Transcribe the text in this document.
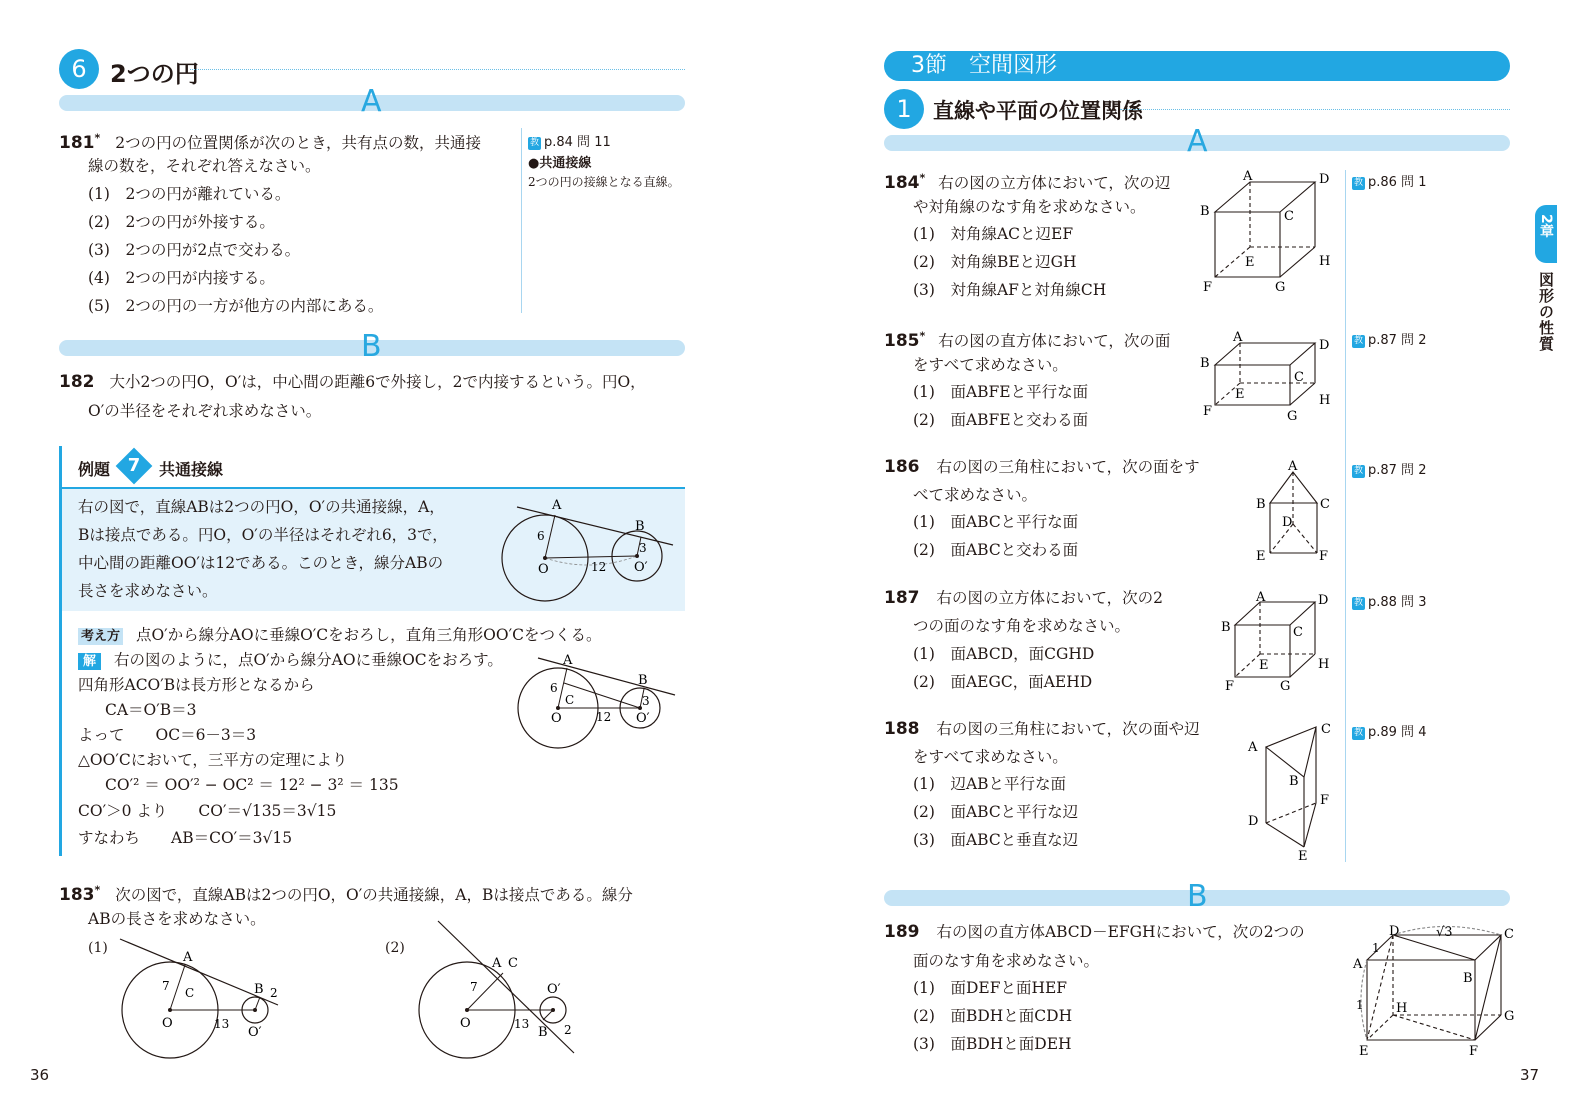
6 2つの円
A
181* 2つの円の位置関係が次のとき，共有点の数，共通接
線の数を，それぞれ答えなさい。
(1)　2つの円が離れている。
(2)　2つの円が外接する。
(3)　2つの円が2点で交わる。
(4)　2つの円が内接する。
(5)　2つの円の一方が他方の内部にある。
教 p.84 問 11
●共通接線
2つの円の接線となる直線。
B
182 大小2つの円O，O′は，中心間の距離6で外接し，2で内接するという。円O，
O′の半径をそれぞれ求めなさい。
例題 7 共通接線
右の図で，直線ABは2つの円O，O′の共通接線，A，
Bは接点である。円O，O′の半径はそれぞれ6，3で，
中心間の距離OO′は12である。このとき，線分ABの
長さを求めなさい。
A
B
6
3
O	12 O′
考え方 点O′から線分AOに垂線O′Cをおろし，直角三角形OO′Cをつくる。
解 右の図のように，点O′から線分AOに垂線OCをおろす。
四角形ACO′Bは長方形となるから
CA＝O′B＝3
よって　　OC＝6－3＝3
△OO′Cにおいて，三平方の定理により
CO′² ＝ OO′² − OC² ＝ 12² − 3² ＝ 135
CO′＞0 より　　CO′＝√135＝3√15
すなわち　　AB＝CO′＝3√15
A
B
6
C	3
O	12 O′
183* 次の図で，直線ABは2つの円O，O′の共通接線，A，Bは接点である。線分
ABの長さを求めなさい。
(1)	(2)
A
B 2
7 C
O	13
O′
A C
7
O	13
O′
B 2
36
3節　空間図形
1	直線や平面の位置関係
A
184* 右の図の立方体において，次の辺
や対角線のなす角を求めなさい。
(1)　対角線ACと辺EF
(2)　対角線BEと辺GH
(3)　対角線AFと対角線CH
教 p.86 問 1
A	D
B	C
E	H
F	G
185* 右の図の直方体において，次の面
をすべて求めなさい。
(1)　面ABFEと平行な面
(2)　面ABFEと交わる面
教 p.87 問 2
A
D
B
C
E	H
F	G
186 右の図の三角柱において，次の面をす
べて求めなさい。
(1)　面ABCと平行な面
(2)　面ABCと交わる面
教 p.87 問 2
A
B	C
D
E	F
187 右の図の立方体において，次の2
つの面のなす角を求めなさい。
(1)　面ABCD，面CGHD
(2)　面AEGC，面AEHD
教 p.88 問 3
A	D
B	C
E	H
F	G
188 右の図の三角柱において，次の面や辺
をすべて求めなさい。
(1)　辺ABと平行な面
(2)　面ABCと平行な辺
(3)　面ABCと垂直な辺
教 p.89 問 4
C
A
B
F
D
E
B
189 右の図の直方体ABCD－EFGHにおいて，次の2つの
面のなす角を求めなさい。
(1)　面DEFと面HEF
(2)　面BDHと面CDH
(3)　面BDHと面DEH
D	√3	C
1
A
B
1 H
G
E	F
2章
図形の性質
37
